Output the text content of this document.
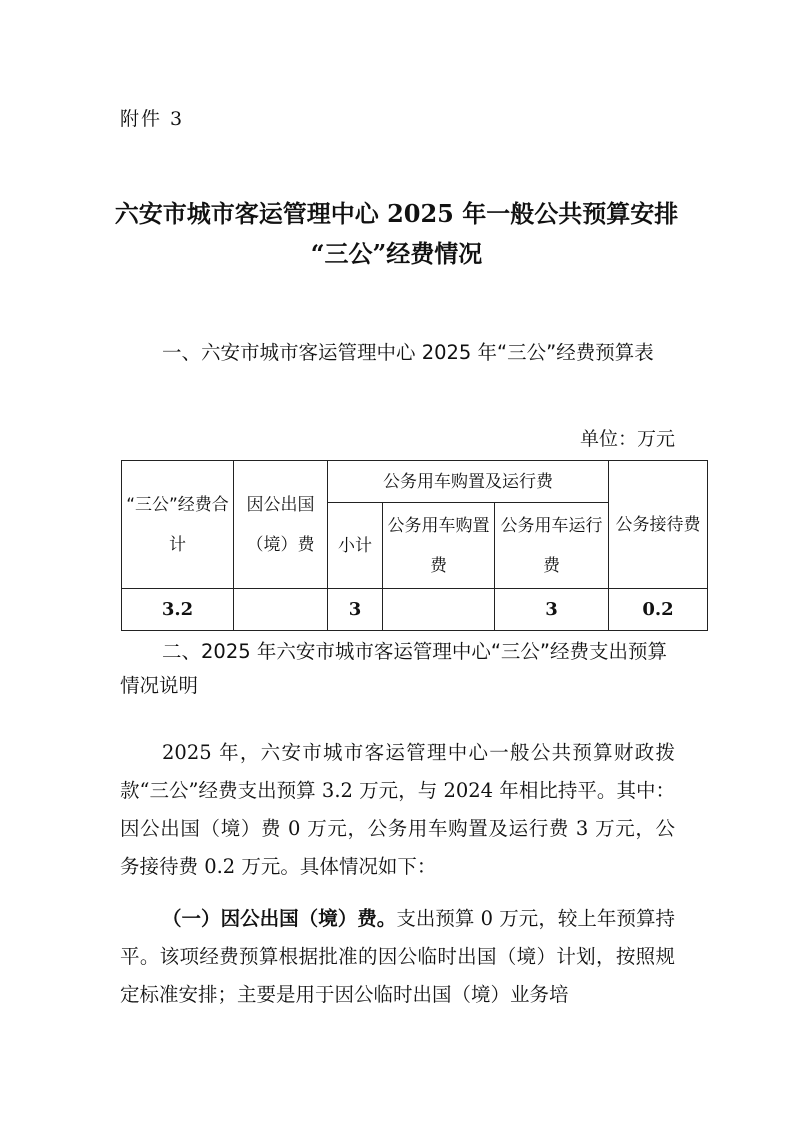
附件 3
六安市城市客运管理中心 2025 年一般公共预算安排
“三公”经费情况
一、六安市城市客运管理中心 2025 年“三公”经费预算表
单位：万元
“三公”经费合计	因公出国（境）费	公务用车购置及运行费			公务接待费
		小计	公务用车购置费	公务用车运行费	
3.2		3		3	0.2
二、2025 年六安市城市客运管理中心“三公”经费支出预算情况说明
2025 年，六安市城市客运管理中心一般公共预算财政拨款“三公”经费支出预算 3.2 万元，与 2024 年相比持平。其中：因公出国（境）费 0 万元，公务用车购置及运行费 3 万元，公务接待费 0.2 万元。具体情况如下：
（一）因公出国（境）费。支出预算 0 万元，较上年预算持平。该项经费预算根据批准的因公临时出国（境）计划，按照规定标准安排；主要是用于因公临时出国（境）业务培
